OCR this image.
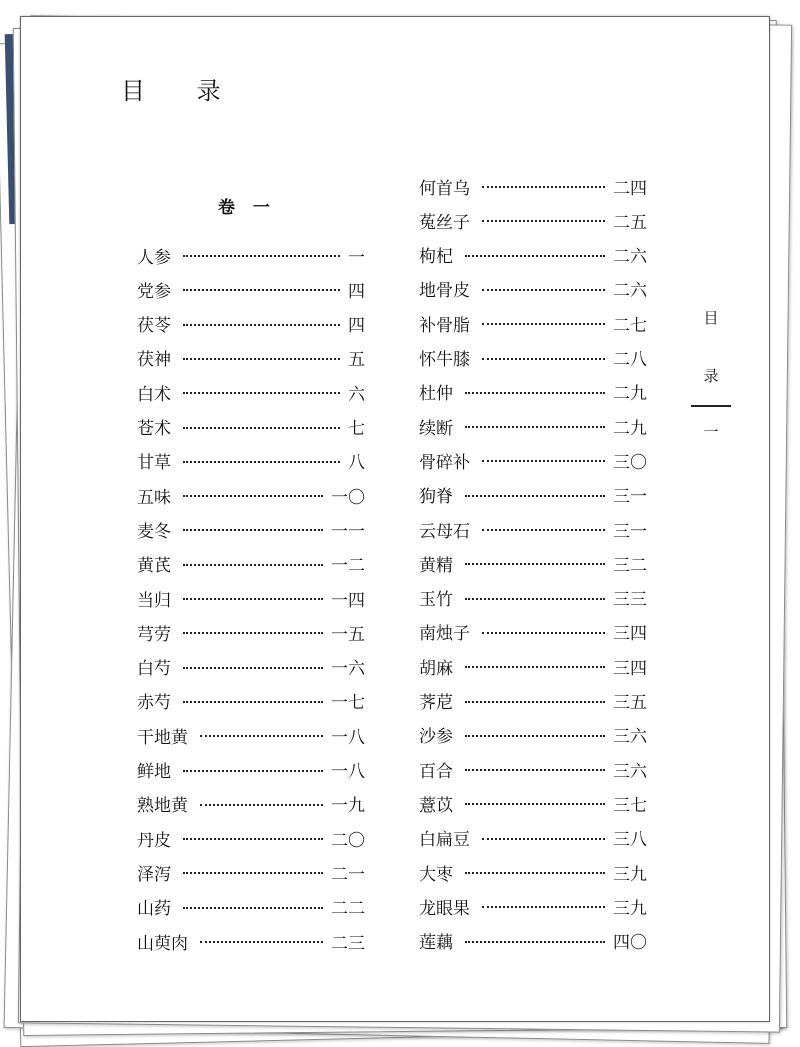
目 录
卷 一
人参	一
党参	四
茯苓	四
茯神	五
白术	六
苍术	七
甘草	八
五味	一〇
麦冬	一一
黄芪	一二
当归	一四
芎劳	一五
白芍	一六
赤芍	一七
干地黄	一八
鲜地	一八
熟地黄	一九
丹皮	二〇
泽泻	二一
山药	二二
山萸肉	二三
何首乌	二四
菟丝子	二五
枸杞	二六
地骨皮	二六
补骨脂	二七
怀牛膝	二八
杜仲	二九
续断	二九
骨碎补	三〇
狗脊	三一
云母石	三一
黄精	三二
玉竹	三三
南烛子	三四
胡麻	三四
荠苨	三五
沙参	三六
百合	三六
薏苡	三七
白扁豆	三八
大枣	三九
龙眼果	三九
莲藕	四〇
目
录
一
